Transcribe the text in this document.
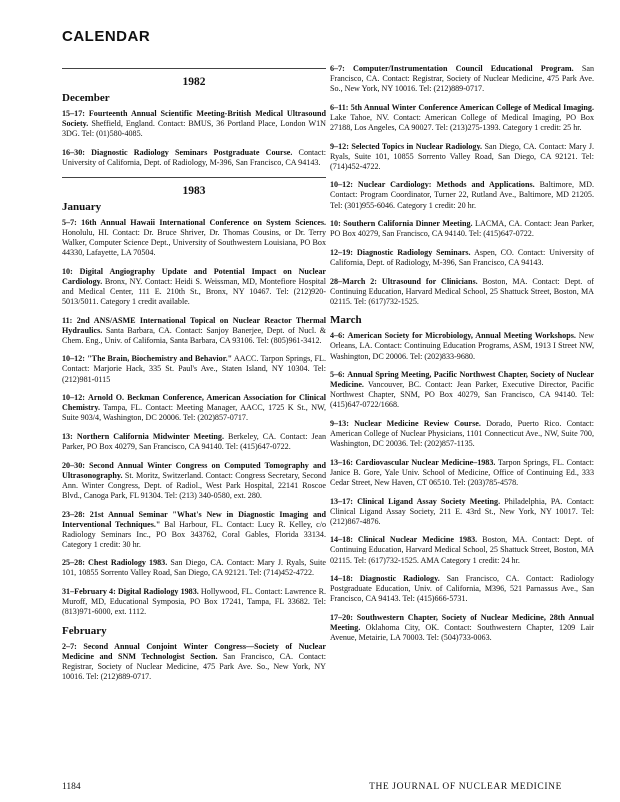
CALENDAR
1982
December
15–17: Fourteenth Annual Scientific Meeting-British Medical Ultrasound Society. Sheffield, England. Contact: BMUS, 36 Portland Place, London W1N 3DG. Tel: (01)580-4085.
16–30: Diagnostic Radiology Seminars Postgraduate Course. Contact: University of California, Dept. of Radiology, M-396, San Francisco, CA 94143.
1983
January
5–7: 16th Annual Hawaii International Conference on System Sciences. Honolulu, HI. Contact: Dr. Bruce Shriver, Dr. Thomas Cousins, or Dr. Terry Walker, Computer Science Dept., University of Southwestern Louisiana, PO Box 44330, Lafayette, LA 70504.
10: Digital Angiography Update and Potential Impact on Nuclear Cardiology. Bronx, NY. Contact: Heidi S. Weissman, MD, Montefiore Hospital and Medical Center, 111 E. 210th St., Bronx, NY 10467. Tel: (212)920-5013/5011. Category 1 credit available.
11: 2nd ANS/ASME International Topical on Nuclear Reactor Thermal Hydraulics. Santa Barbara, CA. Contact: Sanjoy Banerjee, Dept. of Nucl. & Chem. Eng., Univ. of California, Santa Barbara, CA 93106. Tel: (805)961-3412.
10–12: "The Brain, Biochemistry and Behavior." AACC. Tarpon Springs, FL. Contact: Marjorie Hack, 335 St. Paul's Ave., Staten Island, NY 10304. Tel: (212)981-0115
10–12: Arnold O. Beckman Conference, American Association for Clinical Chemistry. Tampa, FL. Contact: Meeting Manager, AACC, 1725 K St., NW, Suite 903/4, Washington, DC 20006. Tel: (202)857-0717.
13: Northern California Midwinter Meeting. Berkeley, CA. Contact: Jean Parker, PO Box 40279, San Francisco, CA 94140. Tel: (415)647-0722.
20–30: Second Annual Winter Congress on Computed Tomography and Ultrasonography. St. Moritz, Switzerland. Contact: Congress Secretary, Second Ann. Winter Congress, Dept. of Radiol., West Park Hospital, 22141 Roscoe Blvd., Canoga Park, FL 91304. Tel: (213) 340-0580, ext. 280.
23–28: 21st Annual Seminar "What's New in Diagnostic Imaging and Interventional Techniques." Bal Harbour, FL. Contact: Lucy R. Kelley, c/o Radiology Seminars Inc., PO Box 343762, Coral Gables, Florida 33134. Category 1 credit: 30 hr.
25–28: Chest Radiology 1983. San Diego, CA. Contact: Mary J. Ryals, Suite 101, 10855 Sorrento Valley Road, San Diego, CA 92121. Tel: (714)452-4722.
31–February 4: Digital Radiology 1983. Hollywood, FL. Contact: Lawrence R. Muroff, MD, Educational Symposia, PO Box 17241, Tampa, FL 33682. Tel: (813)971-6000, ext. 1112.
February
2–7: Second Annual Conjoint Winter Congress—Society of Nuclear Medicine and SNM Technologist Section. San Francisco, CA. Contact: Registrar, Society of Nuclear Medicine, 475 Park Ave. So., New York, NY 10016. Tel: (212)889-0717.
6–7: Computer/Instrumentation Council Educational Program. San Francisco, CA. Contact: Registrar, Society of Nuclear Medicine, 475 Park Ave. So., New York, NY 10016. Tel: (212)889-0717.
6–11: 5th Annual Winter Conference American College of Medical Imaging. Lake Tahoe, NV. Contact: American College of Medical Imaging, PO Box 27188, Los Angeles, CA 90027. Tel: (213)275-1393. Category 1 credit: 25 hr.
9–12: Selected Topics in Nuclear Radiology. San Diego, CA. Contact: Mary J. Ryals, Suite 101, 10855 Sorrento Valley Road, San Diego, CA 92121. Tel: (714)452-4722.
10–12: Nuclear Cardiology: Methods and Applications. Baltimore, MD. Contact: Program Coordinator, Turner 22, Rutland Ave., Baltimore, MD 21205. Tel: (301)955-6046. Category 1 credit: 20 hr.
10: Southern California Dinner Meeting. LACMA, CA. Contact: Jean Parker, PO Box 40279, San Francisco, CA 94140. Tel: (415)647-0722.
12–19: Diagnostic Radiology Seminars. Aspen, CO. Contact: University of California, Dept. of Radiology, M-396, San Francisco, CA 94143.
28–March 2: Ultrasound for Clinicians. Boston, MA. Contact: Dept. of Continuing Education, Harvard Medical School, 25 Shattuck Street, Boston, MA 02115. Tel: (617)732-1525.
March
4–6: American Society for Microbiology, Annual Meeting Workshops. New Orleans, LA. Contact: Continuing Education Programs, ASM, 1913 I Street NW, Washington, DC 20006. Tel: (202)833-9680.
5–6: Annual Spring Meeting, Pacific Northwest Chapter, Society of Nuclear Medicine. Vancouver, BC. Contact: Jean Parker, Executive Director, Pacific Northwest Chapter, SNM, PO Box 40279, San Francisco, CA 94140. Tel: (415)647-0722/1668.
9–13: Nuclear Medicine Review Course. Dorado, Puerto Rico. Contact: American College of Nuclear Physicians, 1101 Connecticut Ave., NW, Suite 700, Washington, DC 20036. Tel: (202)857-1135.
13–16: Cardiovascular Nuclear Medicine–1983. Tarpon Springs, FL. Contact: Janice B. Gore, Yale Univ. School of Medicine, Office of Continuing Ed., 333 Cedar Street, New Haven, CT 06510. Tel: (203)785-4578.
13–17: Clinical Ligand Assay Society Meeting. Philadelphia, PA. Contact: Clinical Ligand Assay Society, 211 E. 43rd St., New York, NY 10017. Tel: (212)867-4876.
14–18: Clinical Nuclear Medicine 1983. Boston, MA. Contact: Dept. of Continuing Education, Harvard Medical School, 25 Shattuck Street, Boston, MA 02115. Tel: (617)732-1525. AMA Category 1 credit: 24 hr.
14–18: Diagnostic Radiology. San Francisco, CA. Contact: Radiology Postgraduate Education, Univ. of California, M396, 521 Parnassus Ave., San Francisco, CA 94143. Tel: (415)666-5731.
17–20: Southwestern Chapter, Society of Nuclear Medicine, 28th Annual Meeting. Oklahoma City, OK. Contact: Southwestern Chapter, 1209 Lair Avenue, Metairie, LA 70003. Tel: (504)733-0063.
1184	THE JOURNAL OF NUCLEAR MEDICINE
